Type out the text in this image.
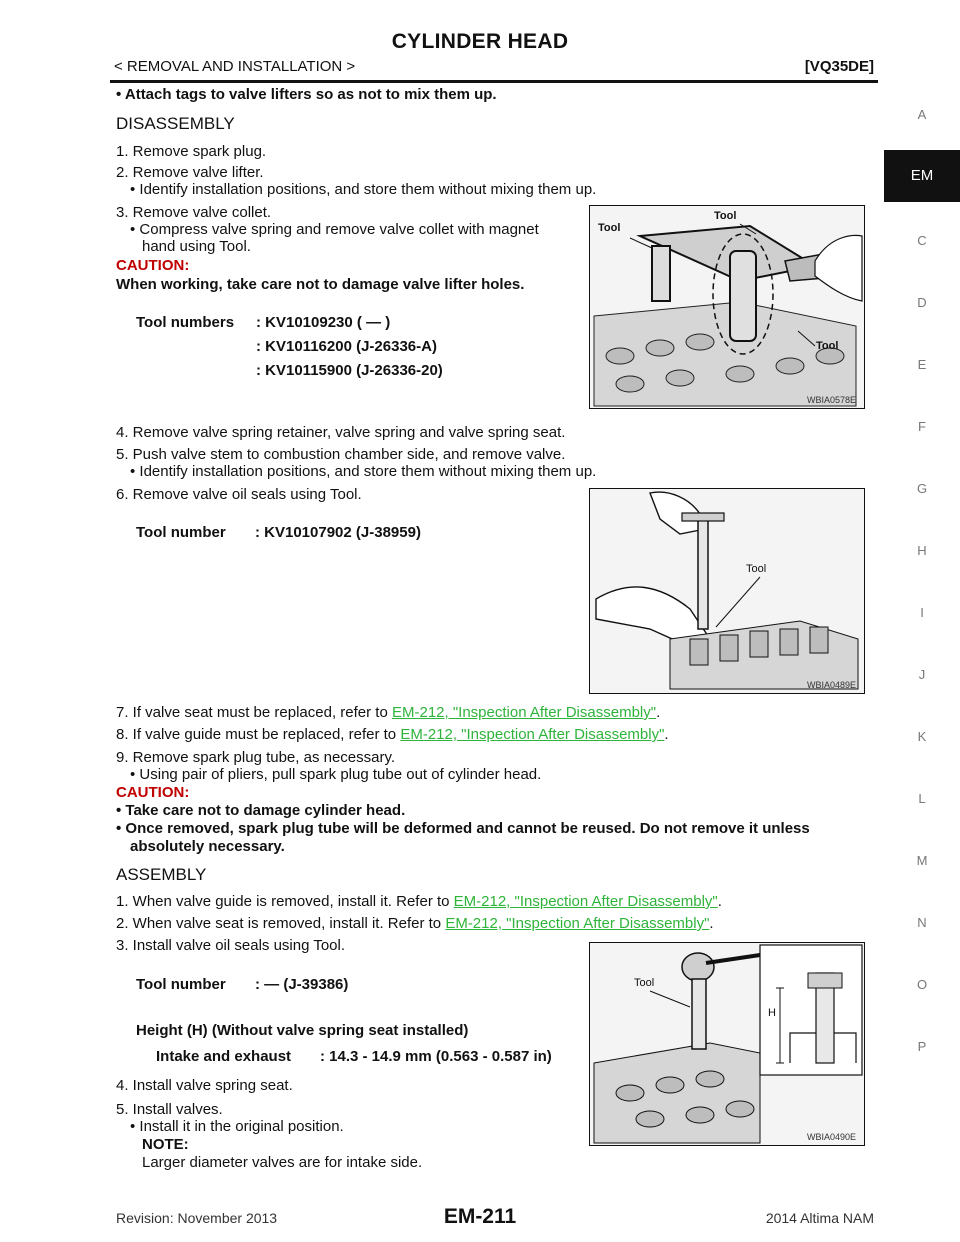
CYLINDER HEAD
< REMOVAL AND INSTALLATION >	[VQ35DE]
A
EM
C
D
E
F
G
H
I
J
K
L
M
N
O
P
• Attach tags to valve lifters so as not to mix them up.
DISASSEMBLY
1. Remove spark plug.
2. Remove valve lifter.
• Identify installation positions, and store them without mixing them up.
3. Remove valve collet.
• Compress valve spring and remove valve collet with magnet
hand using Tool.
CAUTION:
When working, take care not to damage valve lifter holes.
Tool numbers : KV10109230 ( — )
: KV10116200 (J-26336-A)
: KV10115900 (J-26336-20)
Tool
Tool
Tool
WBIA0578E
4. Remove valve spring retainer, valve spring and valve spring seat.
5. Push valve stem to combustion chamber side, and remove valve.
• Identify installation positions, and store them without mixing them up.
6. Remove valve oil seals using Tool.
Tool number : KV10107902 (J-38959)
Tool
WBIA0489E
7. If valve seat must be replaced, refer to EM-212, "Inspection After Disassembly".
8. If valve guide must be replaced, refer to EM-212, "Inspection After Disassembly".
9. Remove spark plug tube, as necessary.
• Using pair of pliers, pull spark plug tube out of cylinder head.
CAUTION:
• Take care not to damage cylinder head.
• Once removed, spark plug tube will be deformed and cannot be reused. Do not remove it unless
absolutely necessary.
ASSEMBLY
1. When valve guide is removed, install it. Refer to EM-212, "Inspection After Disassembly".
2. When valve seat is removed, install it. Refer to EM-212, "Inspection After Disassembly".
3. Install valve oil seals using Tool.
Tool number : — (J-39386)
Height (H) (Without valve spring seat installed)
Intake and exhaust : 14.3 - 14.9 mm (0.563 - 0.587 in)
Tool
H
WBIA0490E
4. Install valve spring seat.
5. Install valves.
• Install it in the original position.
NOTE:
Larger diameter valves are for intake side.
Revision: November 2013	EM-211	2014 Altima NAM
